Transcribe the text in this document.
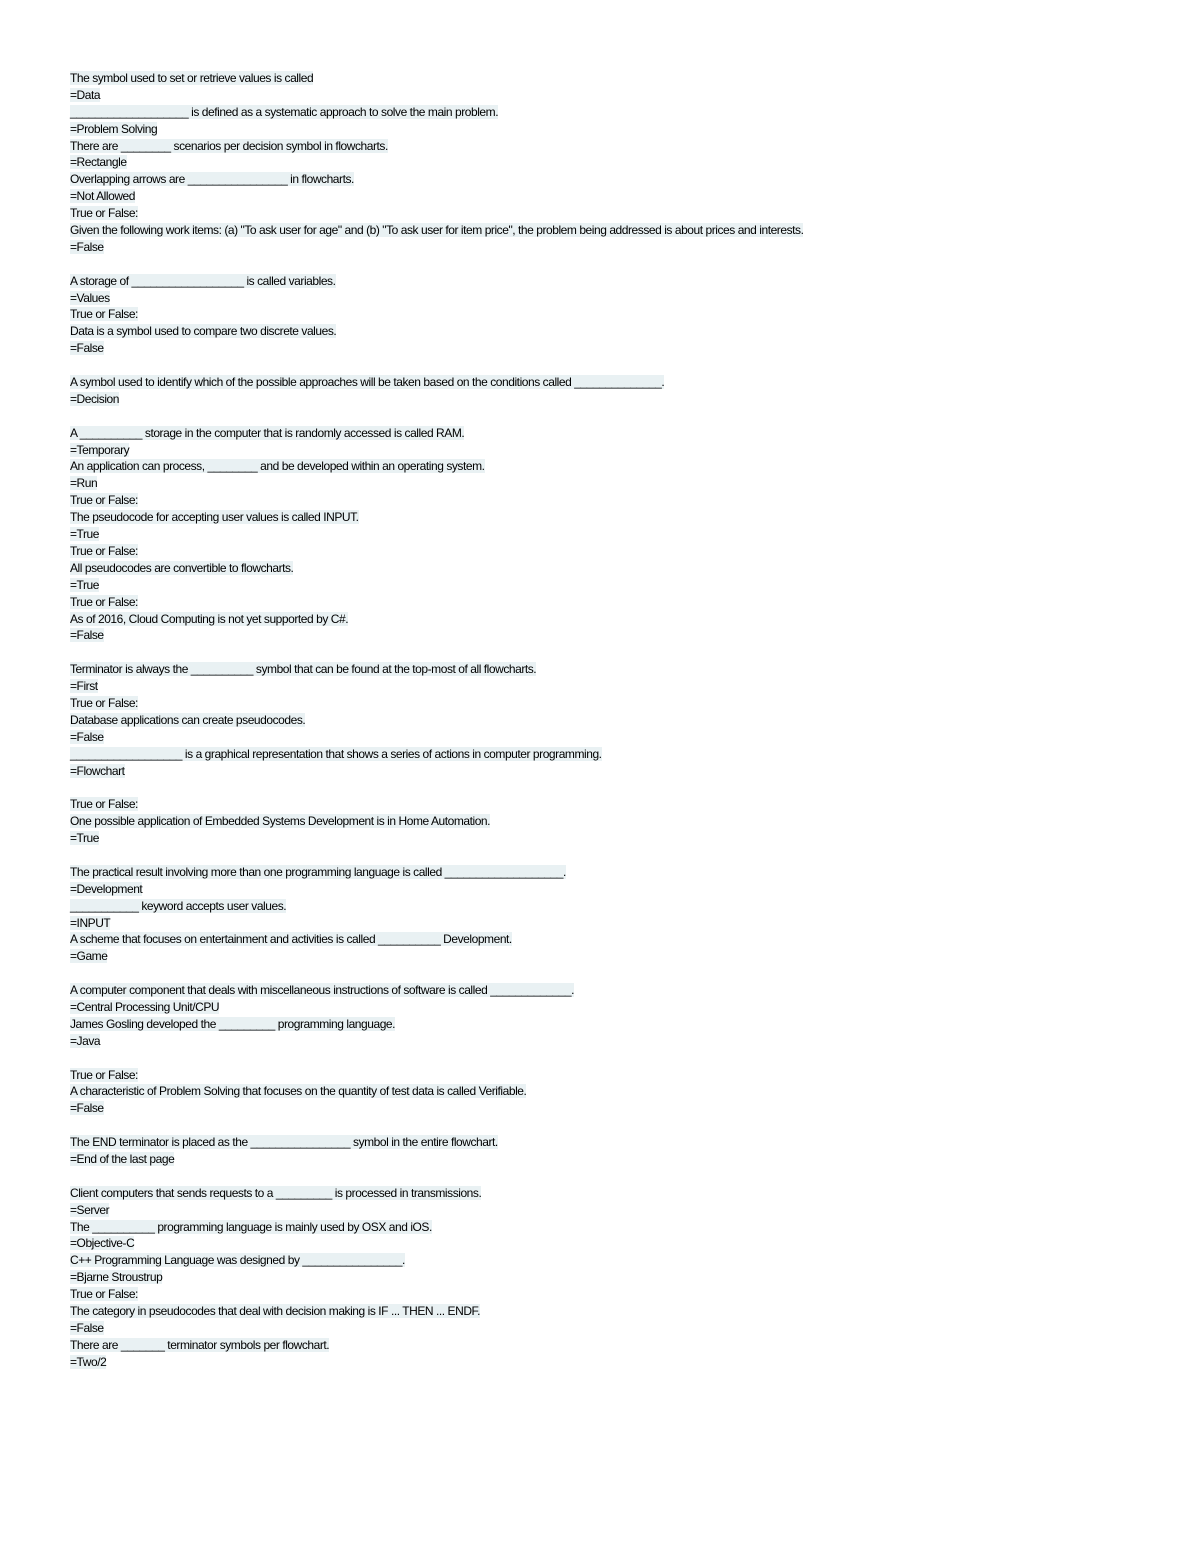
The symbol used to set or retrieve values is called
=Data
___________________ is defined as a systematic approach to solve the main problem.
=Problem Solving
There are ________ scenarios per decision symbol in flowcharts.
=Rectangle
Overlapping arrows are ________________ in flowcharts.
=Not Allowed
True or False:
Given the following work items: (a) "To ask user for age" and (b) "To ask user for item price", the problem being addressed is about prices and interests.
=False
A storage of __________________ is called variables.
=Values
True or False:
Data is a symbol used to compare two discrete values.
=False
A symbol used to identify which of the possible approaches will be taken based on the conditions called ______________.
=Decision
A __________ storage in the computer that is randomly accessed is called RAM.
=Temporary
An application can process, ________ and be developed within an operating system.
=Run
True or False:
The pseudocode for accepting user values is called INPUT.
=True
True or False:
All pseudocodes are convertible to flowcharts.
=True
True or False:
As of 2016, Cloud Computing is not yet supported by C#.
=False
Terminator is always the __________ symbol that can be found at the top-most of all flowcharts.
=First
True or False:
Database applications can create pseudocodes.
=False
__________________ is a graphical representation that shows a series of actions in computer programming.
=Flowchart
True or False:
One possible application of Embedded Systems Development is in Home Automation.
=True
The practical result involving more than one programming language is called ___________________.
=Development
___________ keyword accepts user values.
=INPUT
A scheme that focuses on entertainment and activities is called __________ Development.
=Game
A computer component that deals with miscellaneous instructions of software is called _____________.
=Central Processing Unit/CPU
James Gosling developed the _________ programming language.
=Java
True or False:
A characteristic of Problem Solving that focuses on the quantity of test data is called Verifiable.
=False
The END terminator is placed as the ________________ symbol in the entire flowchart.
=End of the last page
Client computers that sends requests to a _________ is processed in transmissions.
=Server
The __________ programming language is mainly used by OSX and iOS.
=Objective-C
C++ Programming Language was designed by ________________.
=Bjarne Stroustrup
True or False:
The category in pseudocodes that deal with decision making is IF ... THEN ... ENDF.
=False
There are _______ terminator symbols per flowchart.
=Two/2
